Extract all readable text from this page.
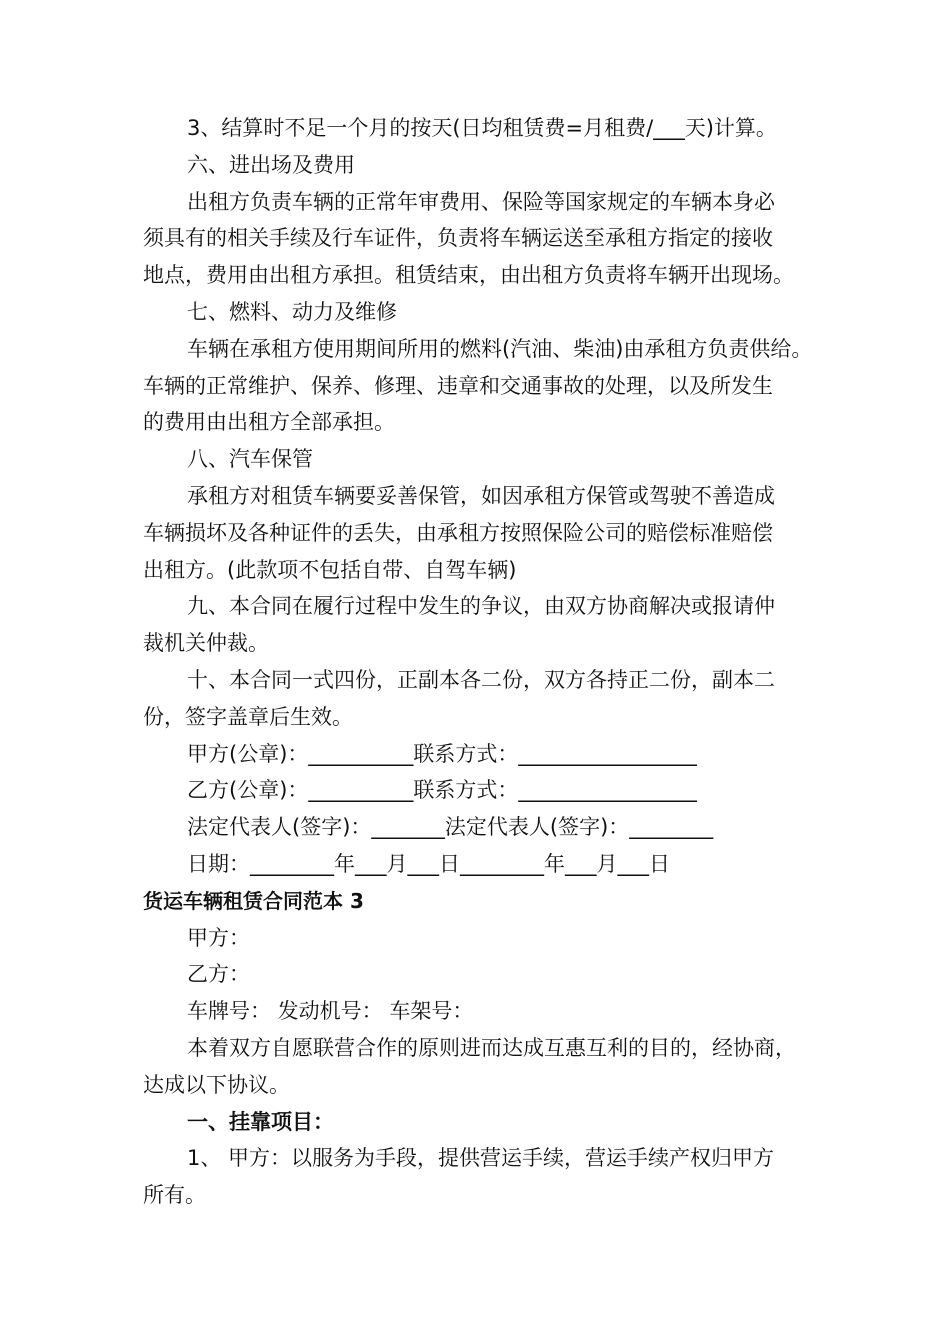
3、结算时不足一个月的按天(日均租赁费=月租费/___天)计算。
六、进出场及费用
出租方负责车辆的正常年审费用、保险等国家规定的车辆本身必
须具有的相关手续及行车证件，负责将车辆运送至承租方指定的接收
地点，费用由出租方承担。租赁结束，由出租方负责将车辆开出现场。
七、燃料、动力及维修
车辆在承租方使用期间所用的燃料(汽油、柴油)由承租方负责供给。
车辆的正常维护、保养、修理、违章和交通事故的处理，以及所发生
的费用由出租方全部承担。
八、汽车保管
承租方对租赁车辆要妥善保管，如因承租方保管或驾驶不善造成
车辆损坏及各种证件的丢失，由承租方按照保险公司的赔偿标准赔偿
出租方。(此款项不包括自带、自驾车辆)
九、本合同在履行过程中发生的争议，由双方协商解决或报请仲
裁机关仲裁。
十、本合同一式四份，正副本各二份，双方各持正二份，副本二
份，签字盖章后生效。
甲方(公章)：__________联系方式：_________________
乙方(公章)：__________联系方式：_________________
法定代表人(签字)：_______法定代表人(签字)：________
日期：________年___月___日________年___月___日
货运车辆租赁合同范本 3
甲方：
乙方：
车牌号： 发动机号： 车架号：
本着双方自愿联营合作的原则进而达成互惠互利的目的，经协商，
达成以下协议。
一、挂靠项目：
1、 甲方：以服务为手段，提供营运手续，营运手续产权归甲方
所有。
